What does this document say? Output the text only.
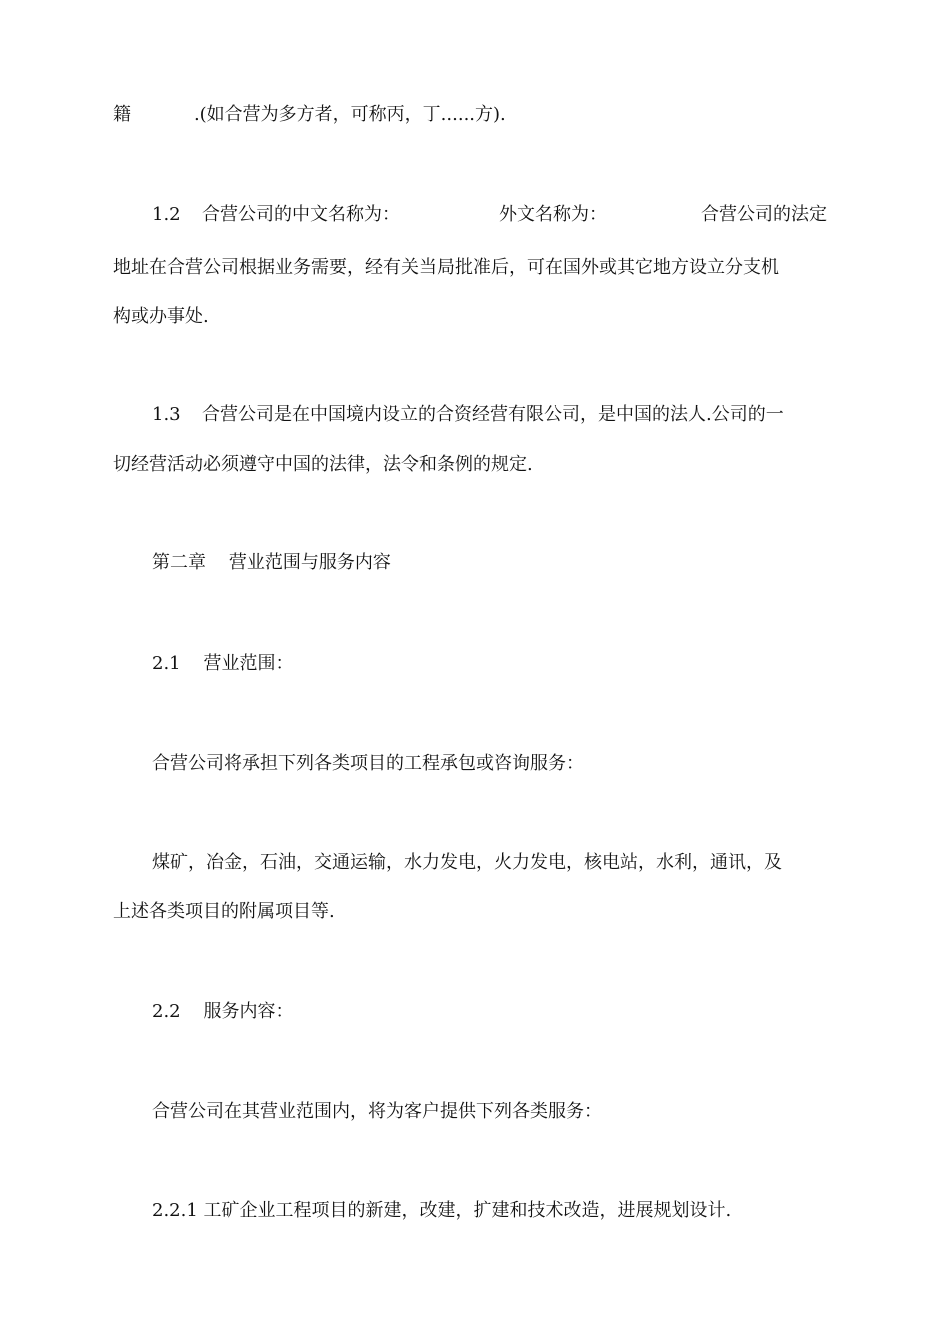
籍           .(如合营为多方者，可称丙，丁......方).
1.2 合营公司的中文名称为：	外文名称为：	合营公司的法定
地址在合营公司根据业务需要，经有关当局批准后，可在国外或其它地方设立分支机
构或办事处.
1.3 合营公司是在中国境内设立的合资经营有限公司，是中国的法人.公司的一
切经营活动必须遵守中国的法律，法令和条例的规定.
第二章    营业范围与服务内容
2.1    营业范围：
合营公司将承担下列各类项目的工程承包或咨询服务：
煤矿，冶金，石油，交通运输，水力发电，火力发电，核电站，水利，通讯，及
上述各类项目的附属项目等.
2.2    服务内容：
合营公司在其营业范围内，将为客户提供下列各类服务：
2.2.1 工矿企业工程项目的新建，改建，扩建和技术改造，进展规划设计.
